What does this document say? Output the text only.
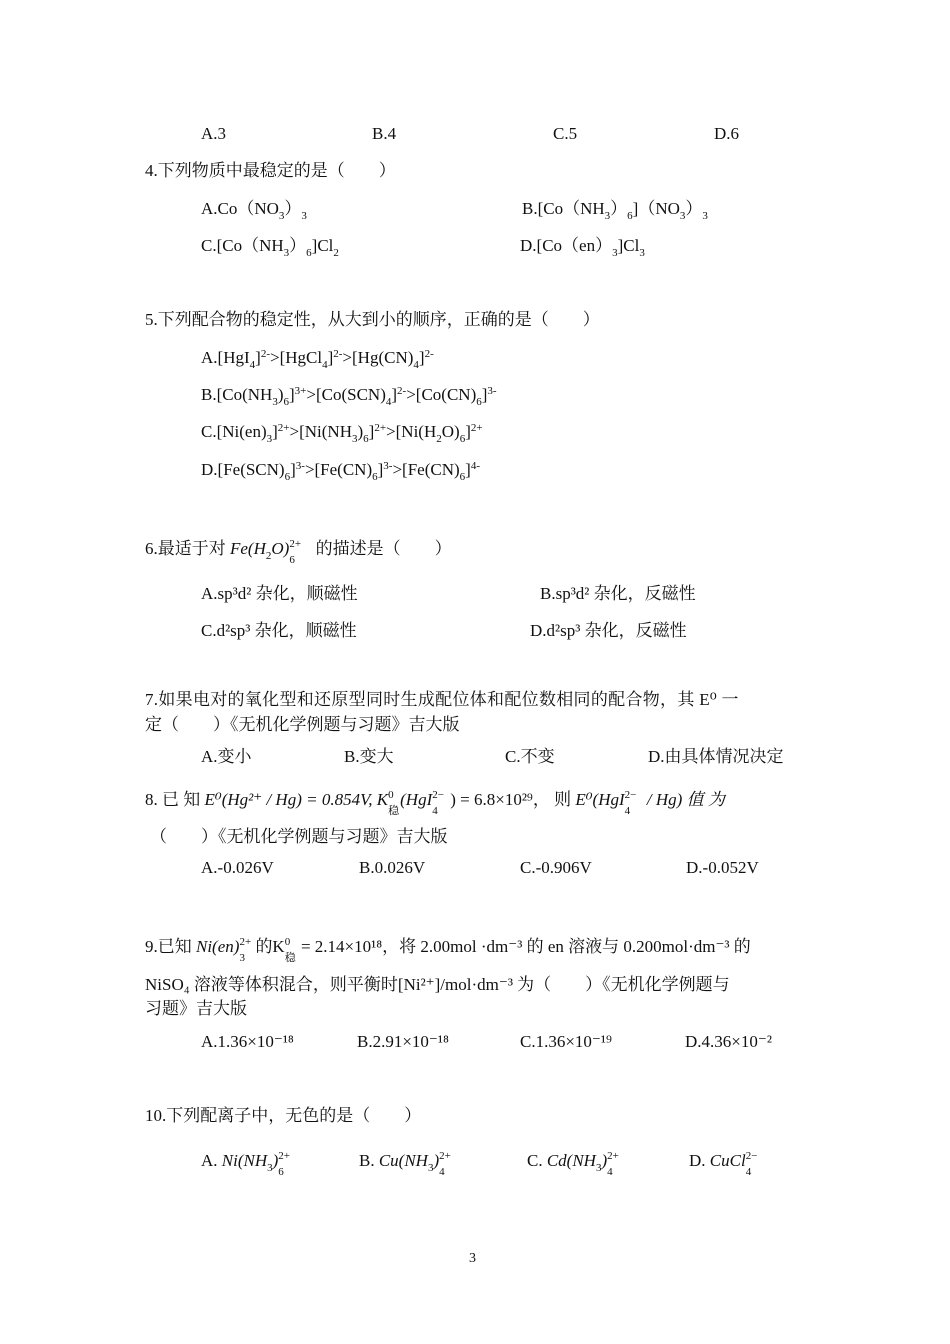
A.3	B.4	C.5	D.6
4.下列物质中最稳定的是（　　）
$A.Co(NO_3)_3$	$B.[Co(NH_3)_6](NO_3)_3$
$C.[Co(NH_3)_6]Cl_2$	$D.[Co(en)_3]Cl_3$
5.下列配合物的稳定性，从大到小的顺序，正确的是（　　）
$A.[HgI_4]^{2-}>[HgCl_4]^{2-}>[Hg(CN)_4]^{2-}$
$B.[Co(NH_3)_6]^{3+}>[Co(SCN)_4]^{2-}>[Co(CN)_6]^{3-}$
$C.[Ni(en)_3]^{2+}>[Ni(NH_3)_6]^{2+}>[Ni(H_2O)_6]^{2+}$
$D.[Fe(SCN)_6]^{3-}>[Fe(CN)_6]^{3-}>[Fe(CN)_6]^{4-}$
6.最适于对 $Fe(H_2O)$ 2+
6
的描述是（　　）
A.sp³d² 杂化，顺磁性	B.sp³d² 杂化，反磁性
C.d²sp³ 杂化，顺磁性	D.d²sp³ 杂化，反磁性
7.如果电对的氧化型和还原型同时生成配位体和配位数相同的配合物，其 E⁰ 一
定（　　）《无机化学例题与习题》吉大版
A.变小	B.变大	C.不变	D.由具体情况决定
8. 已 知 E⁰(Hg²⁺ / Hg) = 0.854V, K 0
稳
(HgI 2−
4
) = 6.8×10²⁹， 则 E⁰(HgI 2−
4
/ Hg) 值 为
（　　）《无机化学例题与习题》吉大版
A.-0.026V	B.0.026V	C.-0.906V	D.-0.052V
9.已知 Ni(en) 2+
3
的K 0
稳
= 2.14×10¹⁸，将 2.00mol ·dm⁻³ 的 en 溶液与 0.200mol·dm⁻³ 的
NiSO₄ 溶液等体积混合，则平衡时[Ni²⁺]/mol·dm⁻³ 为（　　）《无机化学例题与
习题》吉大版
A.1.36×10⁻¹⁸	B.2.91×10⁻¹⁸	C.1.36×10⁻¹⁹	D.4.36×10⁻²
10.下列配离子中，无色的是（　　）
A. $Ni(NH_3)$ 2+
6
B. $Cu(NH_3)$ 2+
4
C. $Cd(NH_3)$ 2+
4
D. CuCl 2−
4
3
